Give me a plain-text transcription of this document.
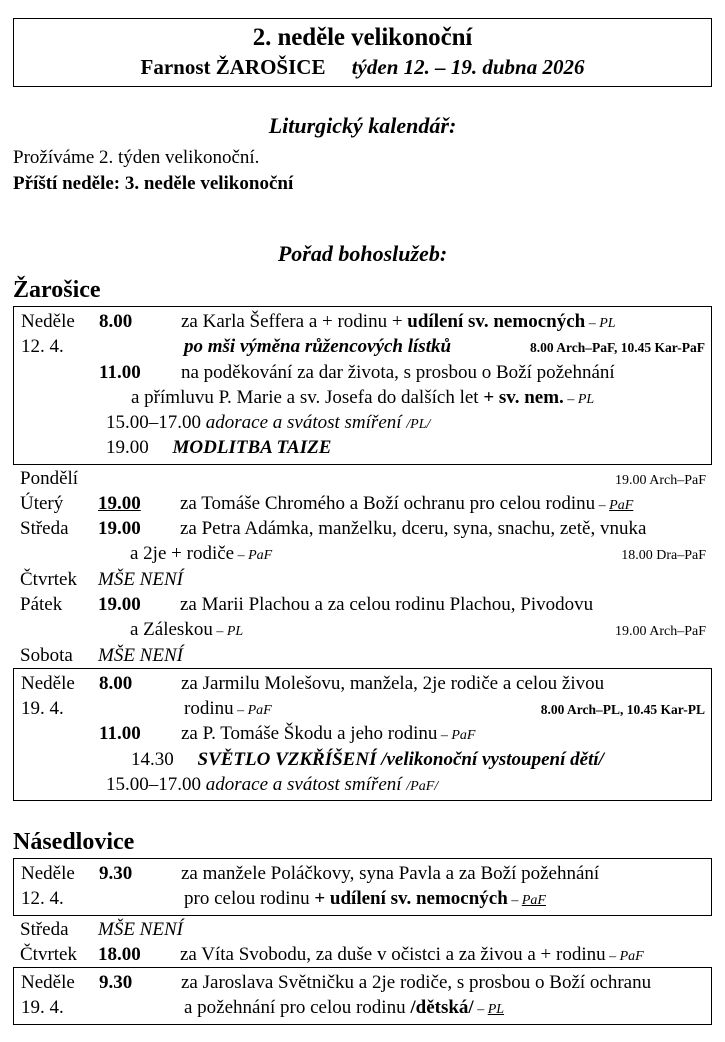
2. neděle velikonoční
Farnost ŽAROŠICE týden 12. – 19. dubna 2026
Liturgický kalendář:
Prožíváme 2. týden velikonoční.
Příští neděle: 3. neděle velikonoční
Pořad bohoslužeb:
Žarošice
Neděle	8.00	za Karla Šeffera a + rodinu + udílení sv. nemocných – PL
12. 4.	po mši výměna růžencových lístků	8.00 Arch–PaF, 10.45 Kar-PaF
11.00	na poděkování za dar života, s prosbou o Boží požehnání
a přímluvu P. Marie a sv. Josefa do dalších let + sv. nem. – PL
15.00–17.00 adorace a svátost smíření /PL/
19.00 MODLITBA TAIZE
Pondělí	19.00 Arch–PaF
Úterý	19.00	za Tomáše Chromého a Boží ochranu pro celou rodinu – PaF
Středa	19.00	za Petra Adámka, manželku, dceru, syna, snachu, zetě, vnuka
a 2je + rodiče – PaF	18.00 Dra–PaF
Čtvrtek	MŠE NENÍ
Pátek	19.00	za Marii Plachou a za celou rodinu Plachou, Pivodovu
a Záleskou – PL	19.00 Arch–PaF
Sobota	MŠE NENÍ
Neděle	8.00	za Jarmilu Molešovu, manžela, 2je rodiče a celou živou
19. 4.	rodinu – PaF	8.00 Arch–PL, 10.45 Kar-PL
11.00	za P. Tomáše Škodu a jeho rodinu – PaF
14.30 SVĚTLO VZKŘÍŠENÍ /velikonoční vystoupení dětí/
15.00–17.00 adorace a svátost smíření /PaF/
Násedlovice
Neděle	9.30	za manžele Poláčkovy, syna Pavla a za Boží požehnání
12. 4.	pro celou rodinu + udílení sv. nemocných – PaF
Středa	MŠE NENÍ
Čtvrtek	18.00	za Víta Svobodu, za duše v očistci a za živou a + rodinu – PaF
Neděle	9.30	za Jaroslava Světničku a 2je rodiče, s prosbou o Boží ochranu
19. 4.	a požehnání pro celou rodinu /dětská/ – PL
